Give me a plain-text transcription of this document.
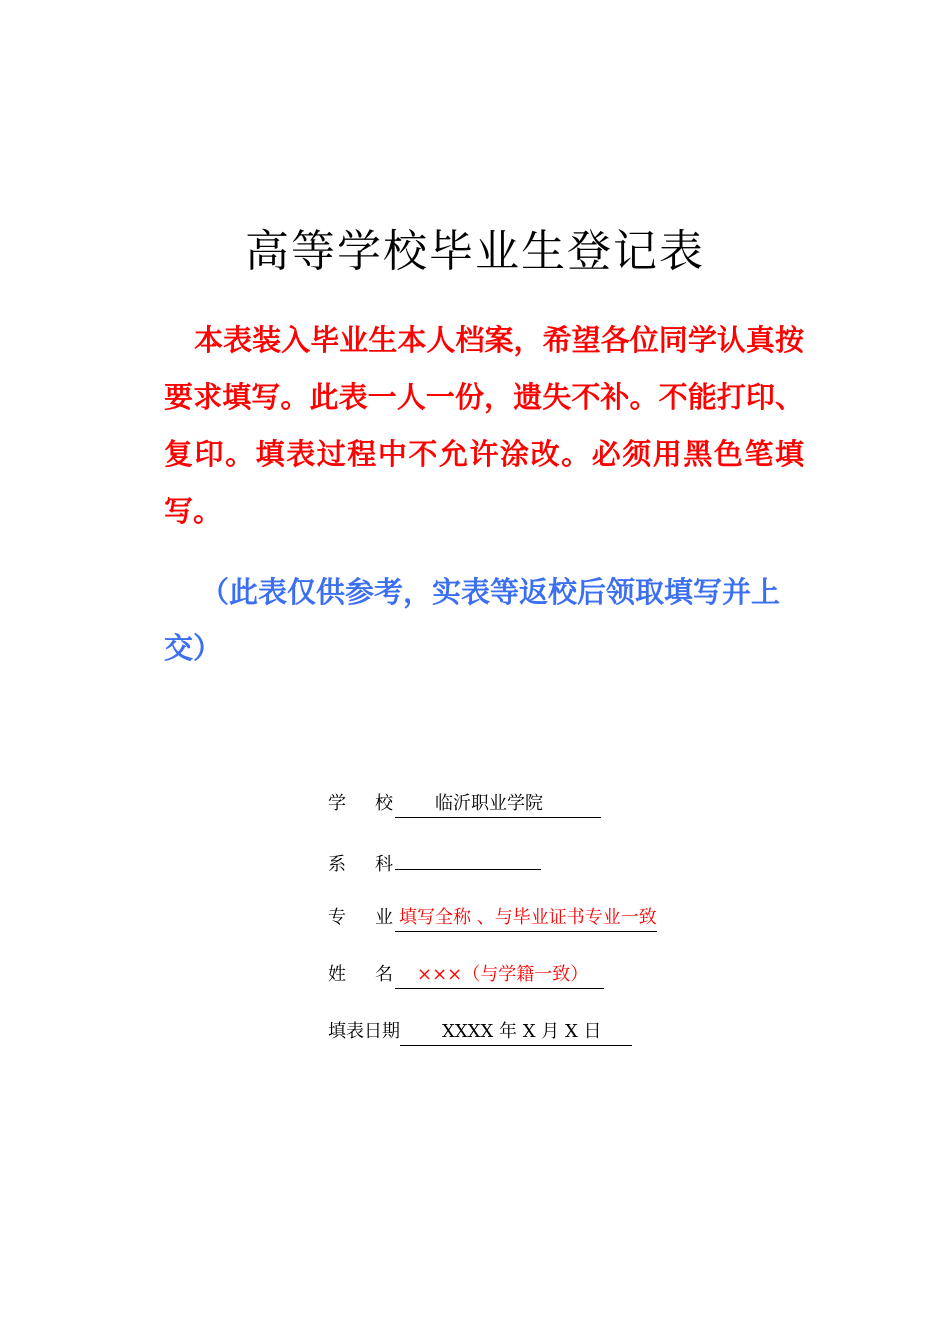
高等学校毕业生登记表
本表装入毕业生本人档案，希望各位同学认真按要求填写。此表一人一份，遗失不补。不能打印、复印。填表过程中不允许涂改。必须用黑色笔填写。
（此表仅供参考，实表等返校后领取填写并上交）
学 校 临沂职业学院
系 科
专 业 填写全称 、与毕业证书专业一致
姓 名 ×××（与学籍一致）
填表日期 XXXX 年 X 月 X 日
